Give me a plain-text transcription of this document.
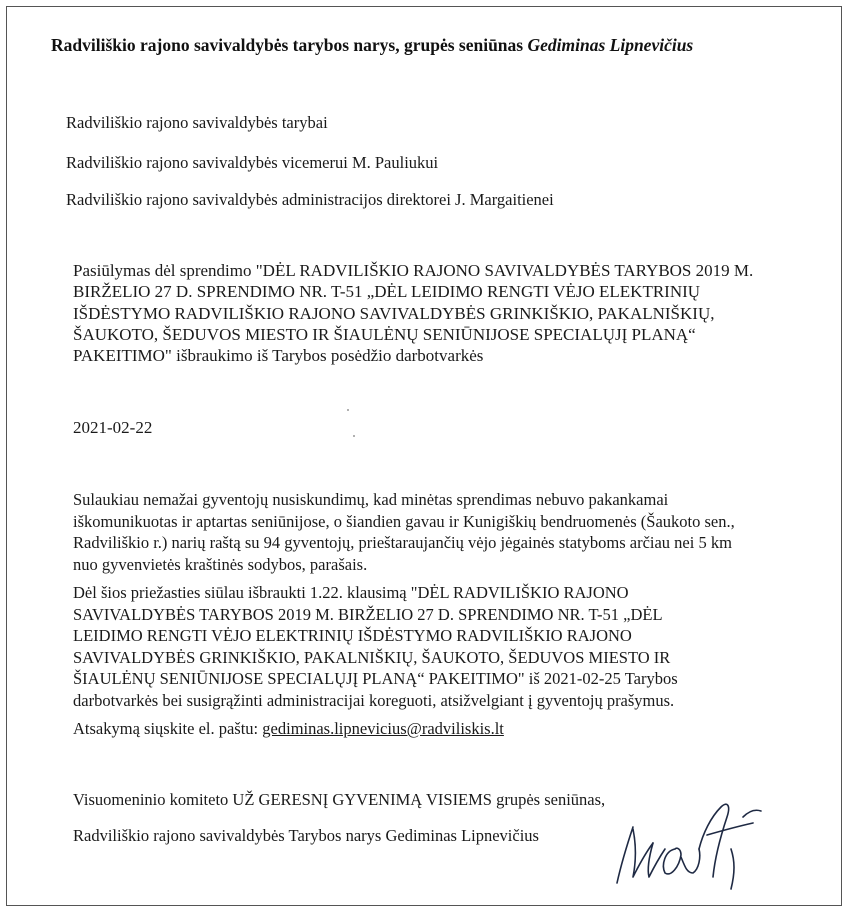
Radviliškio rajono savivaldybės tarybos narys, grupės seniūnas Gediminas Lipnevičius
Radviliškio rajono savivaldybės tarybai
Radviliškio rajono savivaldybės vicemerui M. Pauliukui
Radviliškio rajono savivaldybės administracijos direktorei J. Margaitienei
Pasiūlymas dėl sprendimo "DĖL RADVILIŠKIO RAJONO SAVIVALDYBĖS TARYBOS 2019 M.
BIRŽELIO 27 D. SPRENDIMO NR. T-51 „DĖL LEIDIMO RENGTI VĖJO ELEKTRINIŲ
IŠDĖSTYMO RADVILIŠKIO RAJONO SAVIVALDYBĖS GRINKIŠKIO, PAKALNIŠKIŲ,
ŠAUKOTO, ŠEDUVOS MIESTO IR ŠIAULĖNŲ SENIŪNIJOSE SPECIALŲJĮ PLANĄ“
PAKEITIMO" išbraukimo iš Tarybos posėdžio darbotvarkės
2021-02-22
Sulaukiau nemažai gyventojų nusiskundimų, kad minėtas sprendimas nebuvo pakankamai
iškomunikuotas ir aptartas seniūnijose, o šiandien gavau ir Kunigiškių bendruomenės (Šaukoto sen.,
Radviliškio r.) narių raštą su 94 gyventojų, prieštaraujančių vėjo jėgainės statyboms arčiau nei 5 km
nuo gyvenvietės kraštinės sodybos, parašais.
Dėl šios priežasties siūlau išbraukti 1.22. klausimą "DĖL RADVILIŠKIO RAJONO
SAVIVALDYBĖS TARYBOS 2019 M. BIRŽELIO 27 D. SPRENDIMO NR. T-51 „DĖL
LEIDIMO RENGTI VĖJO ELEKTRINIŲ IŠDĖSTYMO RADVILIŠKIO RAJONO
SAVIVALDYBĖS GRINKIŠKIO, PAKALNIŠKIŲ, ŠAUKOTO, ŠEDUVOS MIESTO IR
ŠIAULĖNŲ SENIŪNIJOSE SPECIALŲJĮ PLANĄ“ PAKEITIMO" iš 2021-02-25 Tarybos
darbotvarkės bei susigrąžinti administracijai koreguoti, atsižvelgiant į gyventojų prašymus.
Atsakymą siųskite el. paštu: gediminas.lipnevicius@radviliskis.lt
Visuomeninio komiteto UŽ GERESNĮ GYVENIMĄ VISIEMS grupės seniūnas,
Radviliškio rajono savivaldybės Tarybos narys Gediminas Lipnevičius
